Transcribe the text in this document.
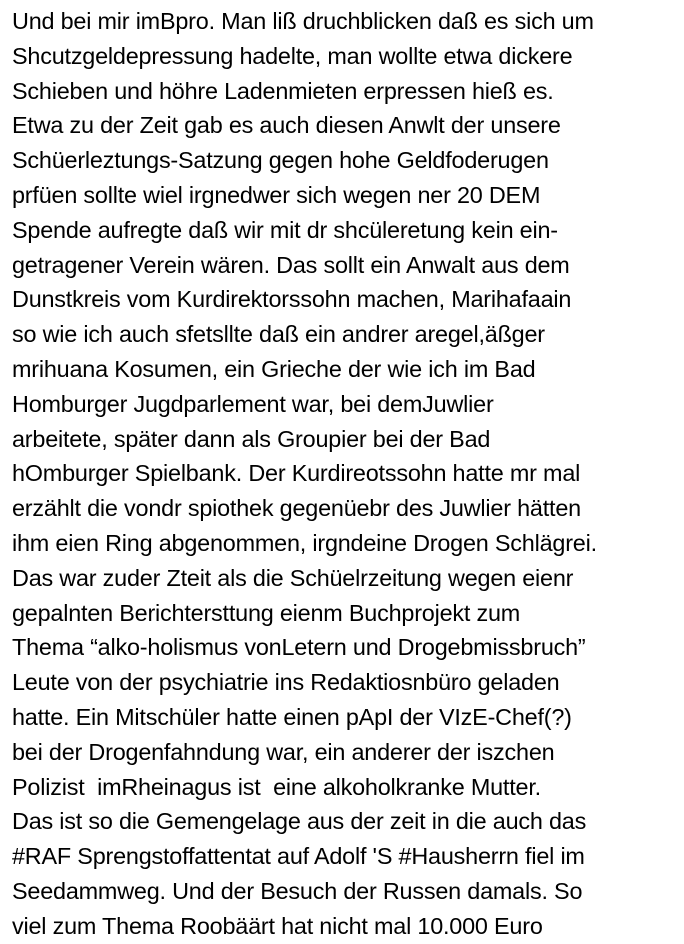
Und bei mir imBpro. Man liß druchblicken daß es sich um
Shcutzgeldepressung hadelte, man wollte etwa dickere
Schieben und höhre Ladenmieten erpressen hieß es.
Etwa zu der Zeit gab es auch diesen Anwlt der unsere
Schüerleztungs-Satzung gegen hohe Geldfoderugen
prfüen sollte wiel irgnedwer sich wegen ner 20 DEM
Spende aufregte daß wir mit dr shcüleretung kein ein-
getragener Verein wären. Das sollt ein Anwalt aus dem
Dunstkreis vom Kurdirektorssohn machen, Marihafaain
so wie ich auch sfetsllte daß ein andrer aregel,äßger
mrihuana Kosumen, ein Grieche der wie ich im Bad
Homburger Jugdparlement war, bei demJuwlier
arbeitete, später dann als Groupier bei der Bad
hOmburger Spielbank. Der Kurdireotssohn hatte mr mal
erzählt die vondr spiothek gegenüebr des Juwlier hätten
ihm eien Ring abgenommen, irgndeine Drogen Schlägrei.
Das war zuder Zteit als die Schüelrzeitung wegen eienr
gepalnten Berichtersttung eienm Buchprojekt zum
Thema “alko-holismus vonLetern und Drogebmissbruch”
Leute von der psychiatrie ins Redaktiosnbüro geladen
hatte. Ein Mitschüler hatte einen pApI der VIzE-Chef(?)
bei der Drogenfahndung war, ein anderer der iszchen
Polizist  imRheinagus ist  eine alkoholkranke Mutter.
Das ist so die Gemengelage aus der zeit in die auch das
#RAF Sprengstoffattentat auf Adolf 'S #Hausherrn fiel im
Seedammweg. Und der Besuch der Russen damals. So
viel zum Thema Roobäärt hat nicht mal 10.000 Euro
